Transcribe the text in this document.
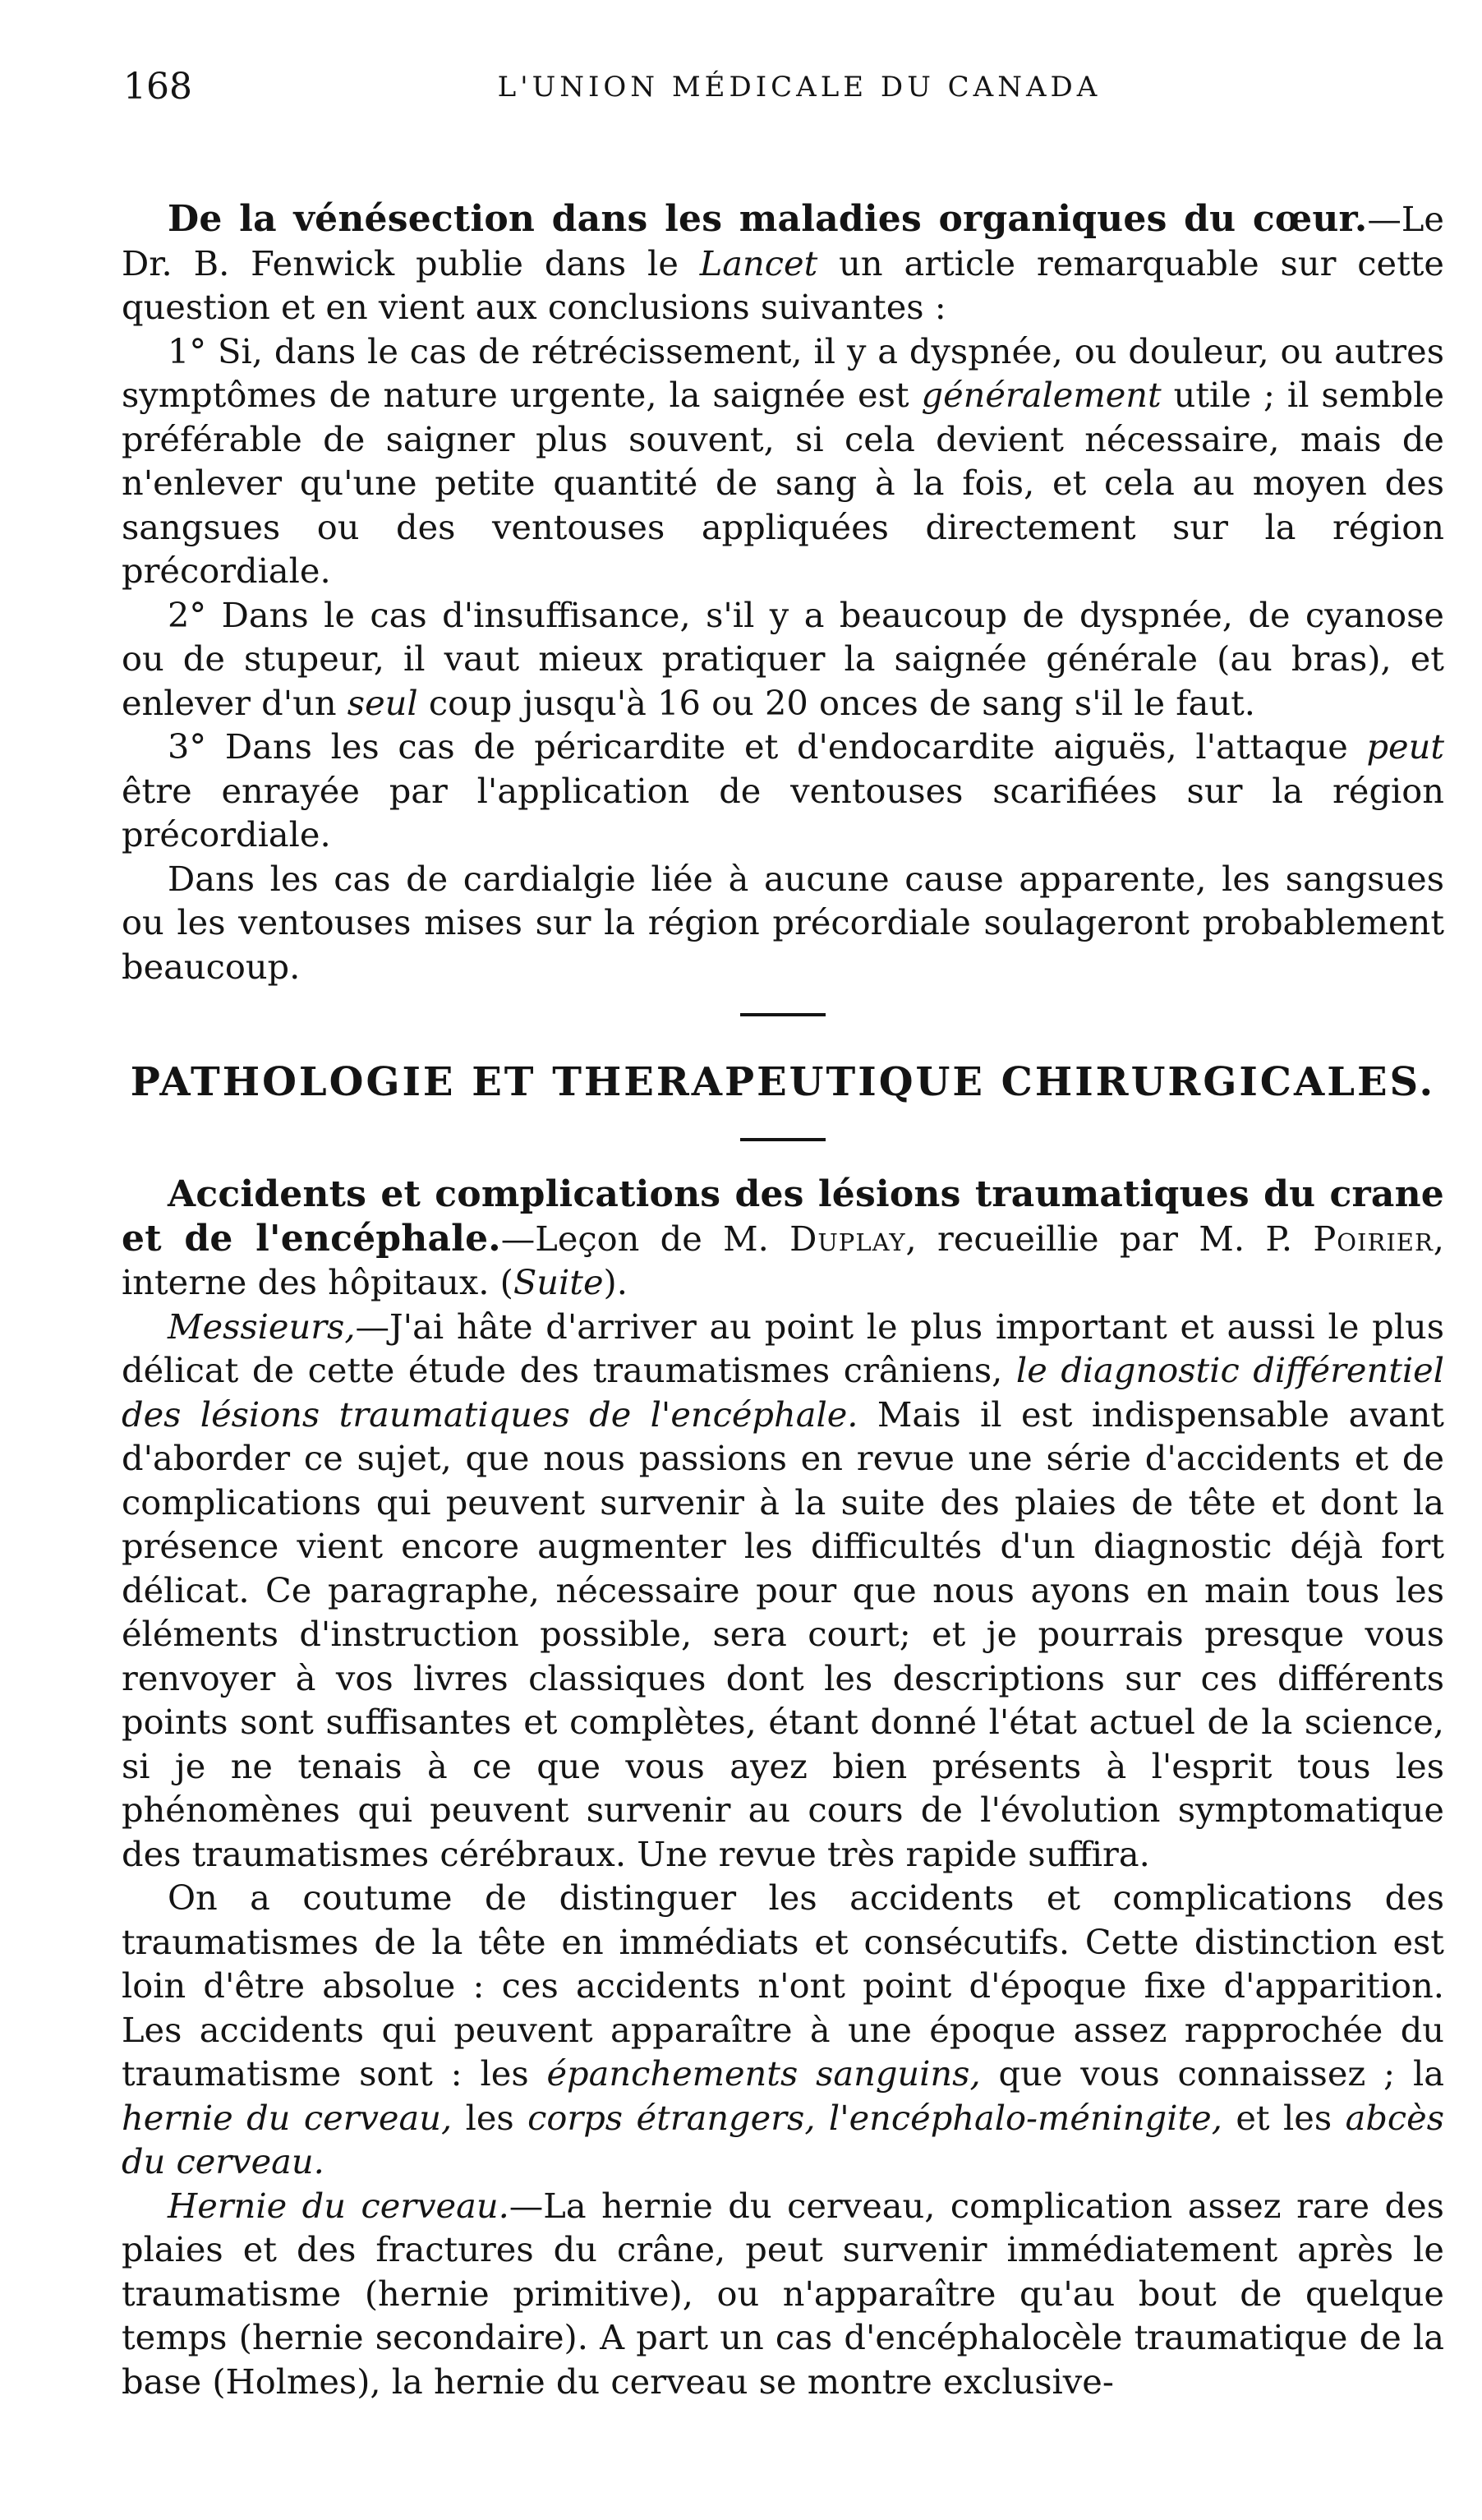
168	L'UNION MÉDICALE DU CANADA

De la vénésection dans les maladies organiques du cœur.—Le Dr. B. Fenwick publie dans le Lancet un article remarquable sur cette question et en vient aux conclusions suivantes :

1° Si, dans le cas de rétrécissement, il y a dyspnée, ou douleur, ou autres symptômes de nature urgente, la saignée est généralement utile ; il semble préférable de saigner plus souvent, si cela devient nécessaire, mais de n'enlever qu'une petite quantité de sang à la fois, et cela au moyen des sangsues ou des ventouses appliquées directement sur la région précordiale.

2° Dans le cas d'insuffisance, s'il y a beaucoup de dyspnée, de cyanose ou de stupeur, il vaut mieux pratiquer la saignée générale (au bras), et enlever d'un seul coup jusqu'à 16 ou 20 onces de sang s'il le faut.

3° Dans les cas de péricardite et d'endocardite aiguës, l'attaque peut être enrayée par l'application de ventouses scarifiées sur la région précordiale.

Dans les cas de cardialgie liée à aucune cause apparente, les sangsues ou les ventouses mises sur la région précordiale soulageront probablement beaucoup.

PATHOLOGIE ET THERAPEUTIQUE CHIRURGICALES.

Accidents et complications des lésions traumatiques du crane et de l'encéphale.—Leçon de M. Duplay, recueillie par M. P. Poirier, interne des hôpitaux. (Suite).

Messieurs,—J'ai hâte d'arriver au point le plus important et aussi le plus délicat de cette étude des traumatismes crâniens, le diagnostic différentiel des lésions traumatiques de l'encéphale. Mais il est indispensable avant d'aborder ce sujet, que nous passions en revue une série d'accidents et de complications qui peuvent survenir à la suite des plaies de tête et dont la présence vient encore augmenter les difficultés d'un diagnostic déjà fort délicat. Ce paragraphe, nécessaire pour que nous ayons en main tous les éléments d'instruction possible, sera court; et je pourrais presque vous renvoyer à vos livres classiques dont les descriptions sur ces différents points sont suffisantes et complètes, étant donné l'état actuel de la science, si je ne tenais à ce que vous ayez bien présents à l'esprit tous les phénomènes qui peuvent survenir au cours de l'évolution symptomatique des traumatismes cérébraux. Une revue très rapide suffira.

On a coutume de distinguer les accidents et complications des traumatismes de la tête en immédiats et consécutifs. Cette distinction est loin d'être absolue : ces accidents n'ont point d'époque fixe d'apparition. Les accidents qui peuvent apparaître à une époque assez rapprochée du traumatisme sont : les épanchements sanguins, que vous connaissez ; la hernie du cerveau, les corps étrangers, l'encéphalo-méningite, et les abcès du cerveau.

Hernie du cerveau.—La hernie du cerveau, complication assez rare des plaies et des fractures du crâne, peut survenir immédiatement après le traumatisme (hernie primitive), ou n'apparaître qu'au bout de quelque temps (hernie secondaire). A part un cas d'encéphalocèle traumatique de la base (Holmes), la hernie du cerveau se montre exclusive-
